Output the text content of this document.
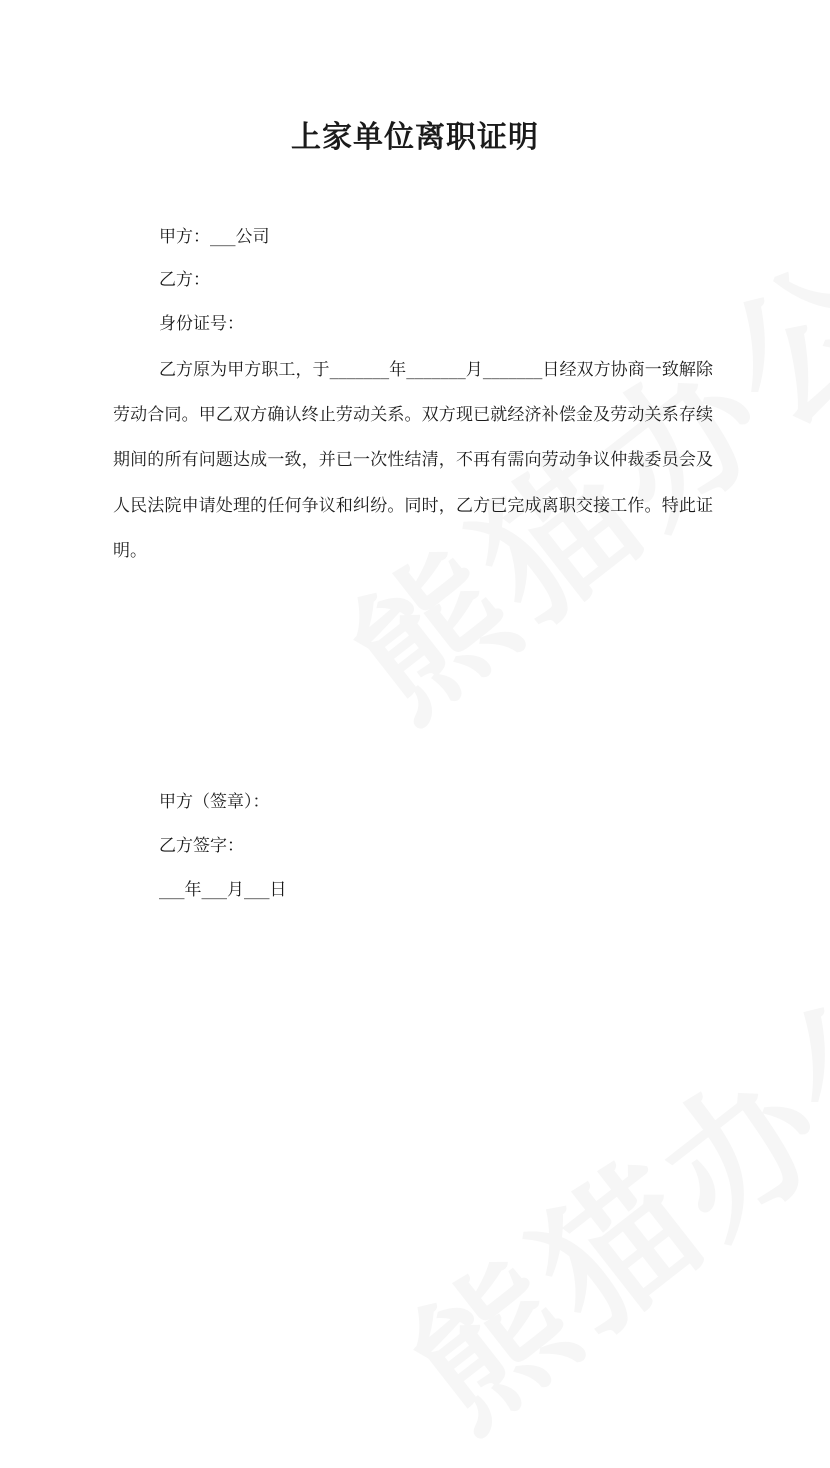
上家单位离职证明

甲方：___公司

乙方：

身份证号：

乙方原为甲方职工，于_______年_______月_______日经双方协商一致解除劳动合同。甲乙双方确认终止劳动关系。双方现已就经济补偿金及劳动关系存续期间的所有问题达成一致，并已一次性结清，不再有需向劳动争议仲裁委员会及人民法院申请处理的任何争议和纠纷。同时，乙方已完成离职交接工作。特此证明。

甲方（签章）：

乙方签字：

___年___月___日
